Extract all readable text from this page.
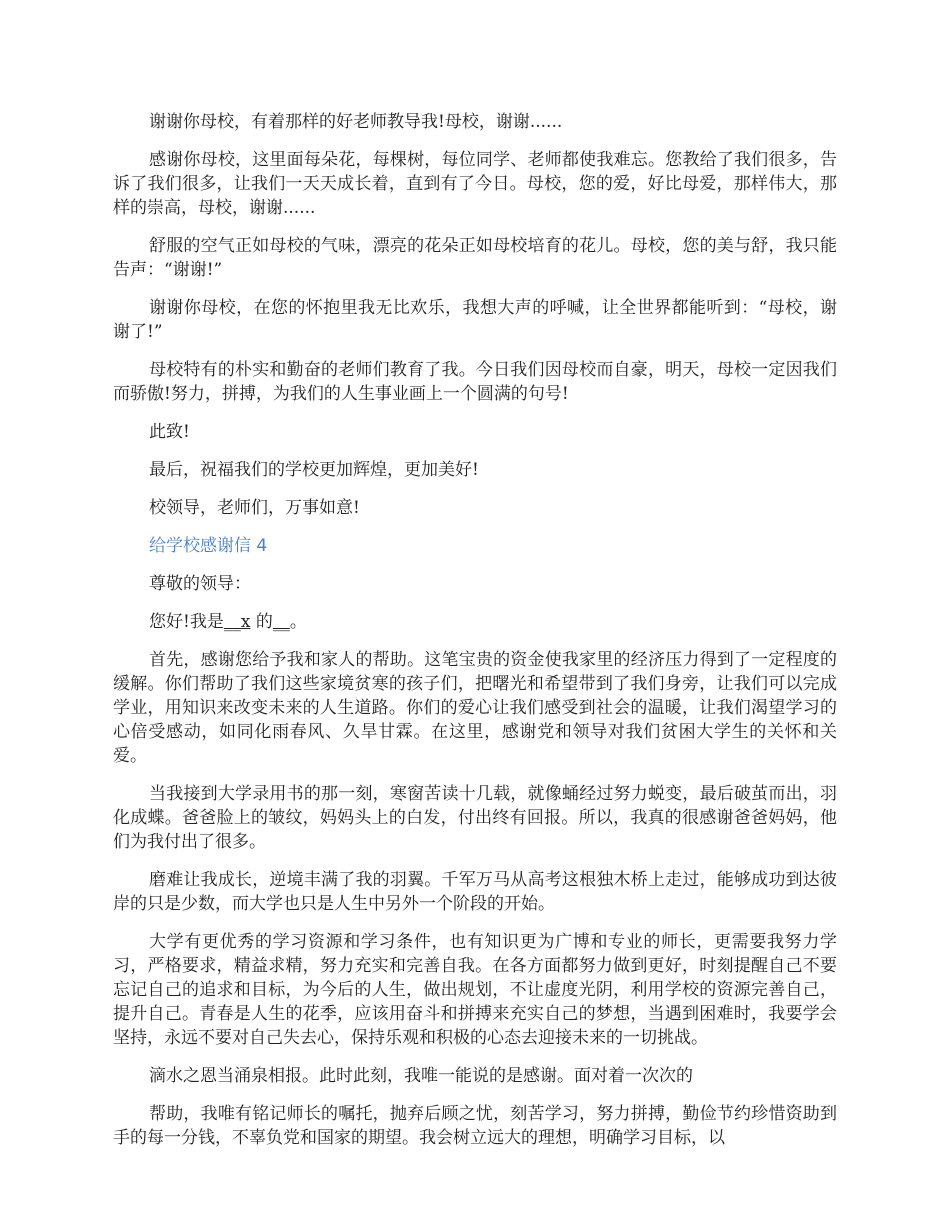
谢谢你母校，有着那样的好老师教导我!母校，谢谢......

感谢你母校，这里面每朵花，每棵树，每位同学、老师都使我难忘。您教给了我们很多，告诉了我们很多，让我们一天天成长着，直到有了今日。母校，您的爱，好比母爱，那样伟大，那样的崇高，母校，谢谢......

舒服的空气正如母校的气味，漂亮的花朵正如母校培育的花儿。母校，您的美与舒，我只能告声：“谢谢!”

谢谢你母校，在您的怀抱里我无比欢乐，我想大声的呼喊，让全世界都能听到：“母校，谢谢了!”

母校特有的朴实和勤奋的老师们教育了我。今日我们因母校而自豪，明天，母校一定因我们而骄傲!努力，拼搏，为我们的人生事业画上一个圆满的句号!

此致!

最后，祝福我们的学校更加辉煌，更加美好!

校领导，老师们，万事如意!

给学校感谢信 4

尊敬的领导：

您好!我是__x 的__。

首先，感谢您给予我和家人的帮助。这笔宝贵的资金使我家里的经济压力得到了一定程度的缓解。你们帮助了我们这些家境贫寒的孩子们，把曙光和希望带到了我们身旁，让我们可以完成学业，用知识来改变未来的人生道路。你们的爱心让我们感受到社会的温暖，让我们渴望学习的心倍受感动，如同化雨春风、久旱甘霖。在这里，感谢党和领导对我们贫困大学生的关怀和关爱。

当我接到大学录用书的那一刻，寒窗苦读十几载，就像蛹经过努力蜕变，最后破茧而出，羽化成蝶。爸爸脸上的皱纹，妈妈头上的白发，付出终有回报。所以，我真的很感谢爸爸妈妈，他们为我付出了很多。

磨难让我成长，逆境丰满了我的羽翼。千军万马从高考这根独木桥上走过，能够成功到达彼岸的只是少数，而大学也只是人生中另外一个阶段的开始。

大学有更优秀的学习资源和学习条件，也有知识更为广博和专业的师长，更需要我努力学习，严格要求，精益求精，努力充实和完善自我。在各方面都努力做到更好，时刻提醒自己不要忘记自己的追求和目标，为今后的人生，做出规划，不让虚度光阴，利用学校的资源完善自己，提升自己。青春是人生的花季，应该用奋斗和拼搏来充实自己的梦想，当遇到困难时，我要学会坚持，永远不要对自己失去心，保持乐观和积极的心态去迎接未来的一切挑战。

滴水之恩当涌泉相报。此时此刻，我唯一能说的是感谢。面对着一次次的

帮助，我唯有铭记师长的嘱托，抛弃后顾之忧，刻苦学习，努力拼搏，勤俭节约珍惜资助到手的每一分钱，不辜负党和国家的期望。我会树立远大的理想，明确学习目标，以
